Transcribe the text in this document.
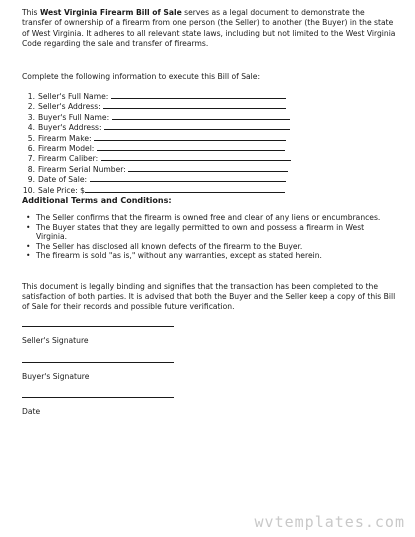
This West Virginia Firearm Bill of Sale serves as a legal document to demonstrate the transfer of ownership of a firearm from one person (the Seller) to another (the Buyer) in the state of West Virginia. It adheres to all relevant state laws, including but not limited to the West Virginia Code regarding the sale and transfer of firearms.

Complete the following information to execute this Bill of Sale:

1. Seller's Full Name:
2. Seller's Address:
3. Buyer's Full Name:
4. Buyer's Address:
5. Firearm Make:
6. Firearm Model:
7. Firearm Caliber:
8. Firearm Serial Number:
9. Date of Sale:
10. Sale Price: $

Additional Terms and Conditions:

• The Seller confirms that the firearm is owned free and clear of any liens or encumbrances.
• The Buyer states that they are legally permitted to own and possess a firearm in West Virginia.
• The Seller has disclosed all known defects of the firearm to the Buyer.
• The firearm is sold "as is," without any warranties, except as stated herein.

This document is legally binding and signifies that the transaction has been completed to the satisfaction of both parties. It is advised that both the Buyer and the Seller keep a copy of this Bill of Sale for their records and possible future verification.

Seller's Signature
Buyer's Signature
Date
wvtemplates.com
